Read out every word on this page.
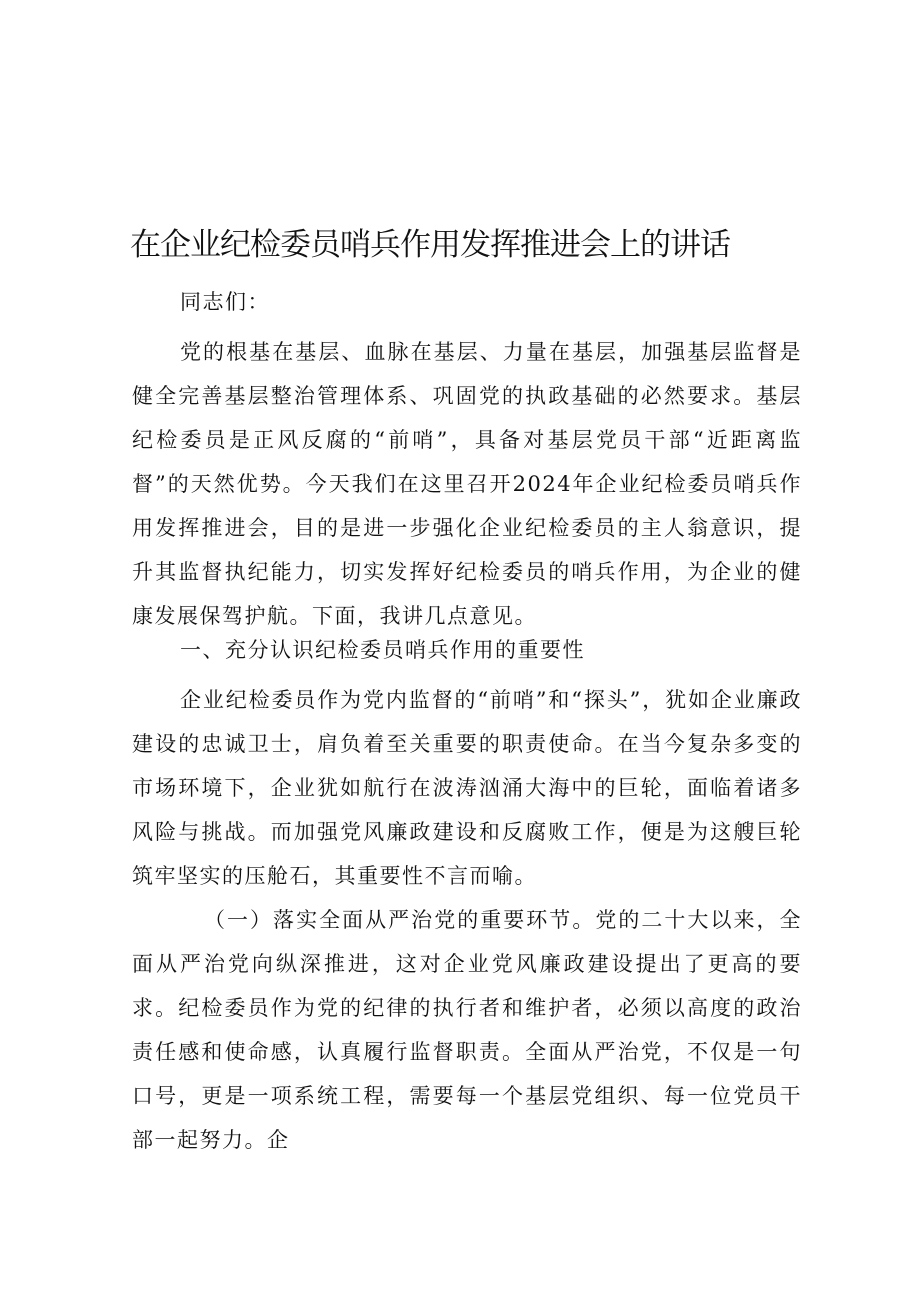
在企业纪检委员哨兵作用发挥推进会上的讲话

同志们：

党的根基在基层、血脉在基层、力量在基层，加强基层监督是健全完善基层整治管理体系、巩固党的执政基础的必然要求。基层纪检委员是正风反腐的“前哨”，具备对基层党员干部“近距离监督”的天然优势。今天我们在这里召开2024年企业纪检委员哨兵作用发挥推进会，目的是进一步强化企业纪检委员的主人翁意识，提升其监督执纪能力，切实发挥好纪检委员的哨兵作用，为企业的健康发展保驾护航。下面，我讲几点意见。

一、充分认识纪检委员哨兵作用的重要性

企业纪检委员作为党内监督的“前哨”和“探头”，犹如企业廉政建设的忠诚卫士，肩负着至关重要的职责使命。在当今复杂多变的市场环境下，企业犹如航行在波涛汹涌大海中的巨轮，面临着诸多风险与挑战。而加强党风廉政建设和反腐败工作，便是为这艘巨轮筑牢坚实的压舱石，其重要性不言而喻。

（一）落实全面从严治党的重要环节。党的二十大以来，全面从严治党向纵深推进，这对企业党风廉政建设提出了更高的要求。纪检委员作为党的纪律的执行者和维护者，必须以高度的政治责任感和使命感，认真履行监督职责。全面从严治党，不仅是一句口号，更是一项系统工程，需要每一个基层党组织、每一位党员干部一起努力。企
